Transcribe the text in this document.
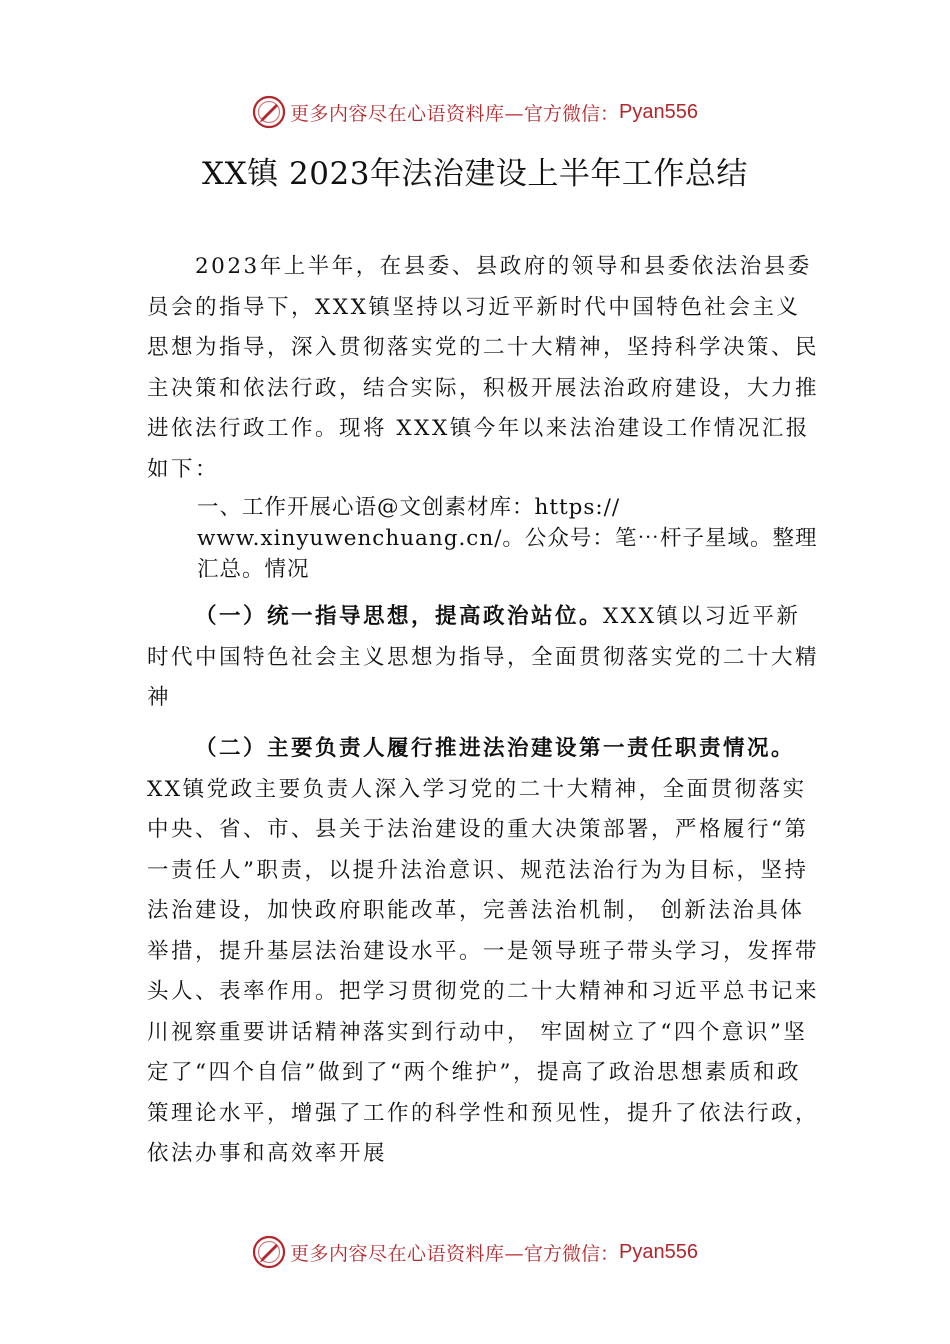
更多内容尽在心语资料库— 官方微信： Pyan556
XX镇 2023年法治建设上半年工作总结
2023年上半年，在县委、县政府的领导和县委依法治县委员会的指导下，XXX镇坚持以习近平新时代中国特色社会主义思想为指导，深入贯彻落实党的二十大精神，坚持科学决策、民主决策和依法行政，结合实际，积极开展法治政府建设，大力推进依法行政工作。现将 XXX镇今年以来法治建设工作情况汇报如下：
一、工作开展心语@文创素材库：https:// www.xinyuwenchuang.cn/。公众号：笔⋯杆子星域。整理汇总。情况
（一）统一指导思想，提高政治站位。XXX镇以习近平新时代中国特色社会主义思想为指导，全面贯彻落实党的二十大精神
（二）主要负责人履行推进法治建设第一责任职责情况。XX镇党政主要负责人深入学习党的二十大精神，全面贯彻落实中央、省、市、县关于法治建设的重大决策部署，严格履行“第一责任人”职责，以提升法治意识、规范法治行为为目标，坚持法治建设，加快政府职能改革，完善法治机制， 创新法治具体举措，提升基层法治建设水平。一是领导班子带头学习，发挥带头人、表率作用。把学习贯彻党的二十大精神和习近平总书记来川视察重要讲话精神落实到行动中， 牢固树立了“四个意识”坚定了“四个自信”做到了“两个维护”，提高了政治思想素质和政策理论水平，增强了工作的科学性和预见性，提升了依法行政，依法办事和高效率开展
更多内容尽在心语资料库— 官方微信： Pyan556
